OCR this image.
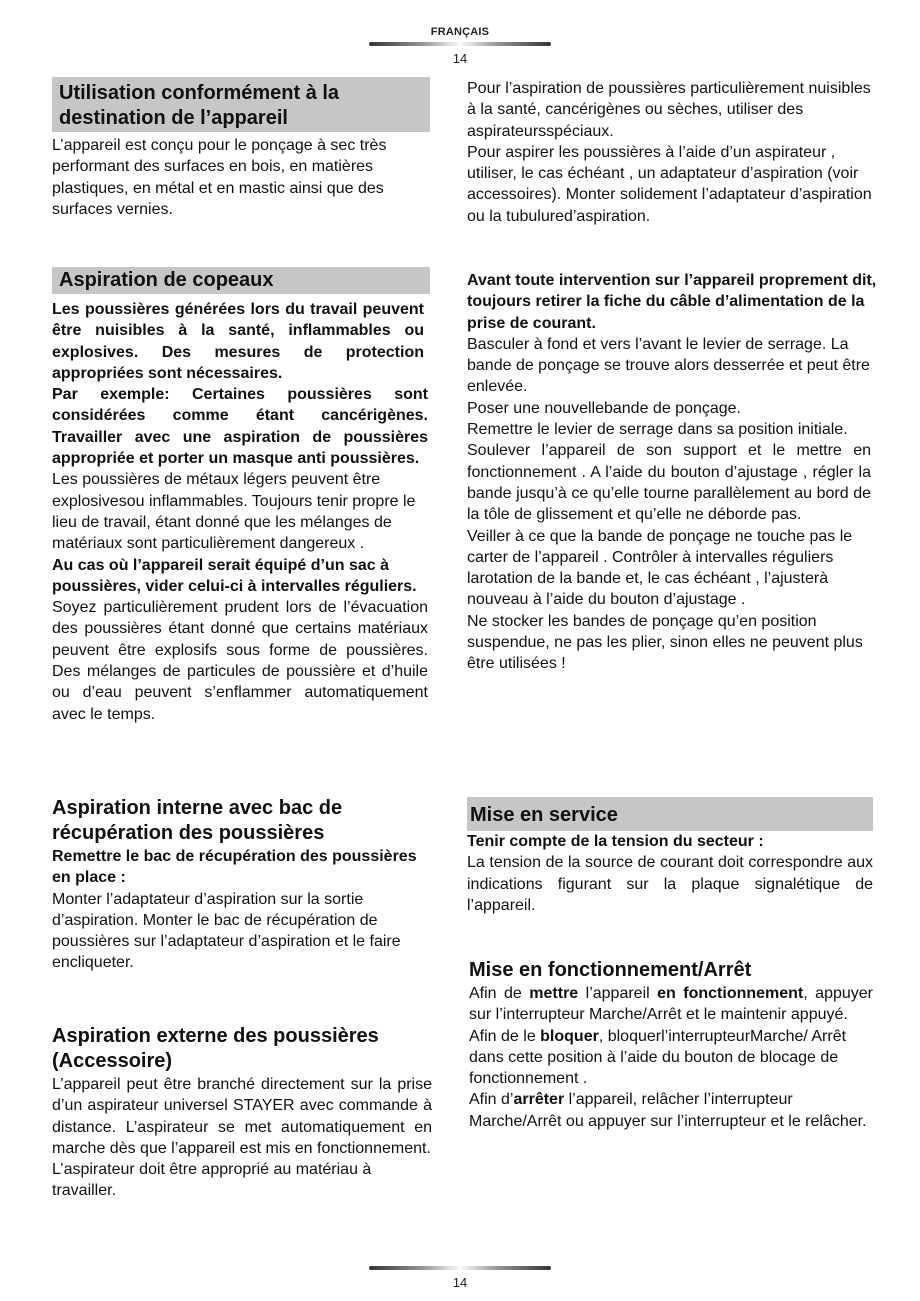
FRANÇAIS
14
Utilisation conformément à la destination de l’appareil

L’appareil est conçu pour le ponçage à sec très performant des surfaces en bois, en matières plastiques, en métal et en mastic ainsi que des surfaces vernies.

Aspiration de copeaux

Les poussières générées lors du travail peuvent être nuisibles à la santé, inflammables ou explosives. Des mesures de protection appropriées sont nécessaires.

Par exemple: Certaines poussières sont considérées comme étant cancérigènes. Travailler avec une aspiration de poussières appropriée et porter un masque anti poussières.

Les poussières de métaux légers peuvent être explosivesou inflammables. Toujours tenir propre le lieu de travail, étant donné que les mélanges de matériaux sont particulièrement dangereux .

Au cas où l’appareil serait équipé d’un sac à poussières, vider celui-ci à intervalles réguliers.

Soyez particulièrement prudent lors de l’évacuation des poussières étant donné que certains matériaux peuvent être explosifs sous forme de poussières. Des mélanges de particules de poussière et d’huile ou d’eau peuvent s’enflammer automatiquement avec le temps.

Aspiration interne avec bac de récupération des poussières

Remettre le bac de récupération des poussières

en place :

Monter l’adaptateur d’aspiration sur la sortie d’aspiration. Monter le bac de récupération de poussières sur l’adaptateur d’aspiration et le faire encliqueter.

Aspiration externe des poussières (Accessoire)

L’appareil peut être branché directement sur la prise d’un aspirateur universel STAYER avec commande à distance. L’aspirateur se met automatiquement en marche dès que l’appareil est mis en fonctionnement.

L’aspirateur doit être approprié au matériau à travailler.

Pour l’aspiration de poussières particulièrement nuisibles à la santé, cancérigènes ou sèches, utiliser des aspirateursspéciaux.

Pour aspirer les poussières à l’aide d’un aspirateur , utiliser, le cas échéant , un adaptateur d’aspiration (voir accessoires). Monter solidement l’adaptateur d’aspiration ou la tubulured’aspiration.

Avant toute intervention sur l’appareil proprement dit, toujours retirer la fiche du câble d’alimentation de la prise de courant.

Basculer à fond et vers l’avant le levier de serrage. La bande de ponçage se trouve alors desserrée et peut être enlevée.

Poser une nouvellebande de ponçage.

Remettre le levier de serrage dans sa position initiale.

Soulever l’appareil de son support et le mettre en fonctionnement . A l’aide du bouton d’ajustage , régler la bande jusqu’à ce qu’elle tourne parallèlement au bord de la tôle de glissement et qu’elle ne déborde pas.

Veiller à ce que la bande de ponçage ne touche pas le carter de l’appareil . Contrôler à intervalles réguliers larotation de la bande et, le cas échéant , l’ajusterà nouveau à l’aide du bouton d’ajustage .

Ne stocker les bandes de ponçage qu’en position suspendue, ne pas les plier, sinon elles ne peuvent plus être utilisées !

Mise en service

Tenir compte de la tension du secteur :

La tension de la source de courant doit correspondre aux indications figurant sur la plaque signalétique de l’appareil.

Mise en fonctionnement/Arrêt

Afin de mettre l’appareil en fonctionnement, appuyer sur l’interrupteur Marche/Arrêt et le maintenir appuyé.

Afin de le bloquer, bloquerl’interrupteurMarche/ Arrêt dans cette position à l’aide du bouton de blocage de fonctionnement .

Afin d’arrêter l’appareil, relâcher l’interrupteur Marche/Arrêt ou appuyer sur l’interrupteur et le relâcher.

14
